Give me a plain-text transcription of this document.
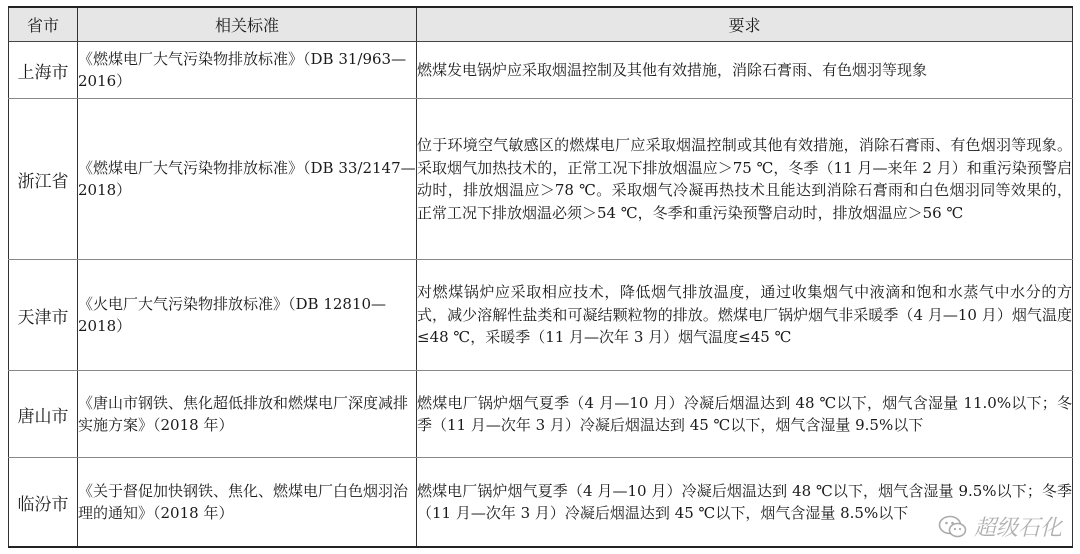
省市	相关标准	要求
上海市	《燃煤电厂大气污染物排放标准》（DB 31/963—2016）	燃煤发电锅炉应采取烟温控制及其他有效措施，消除石膏雨、有色烟羽等现象
浙江省	《燃煤电厂大气污染物排放标准》（DB 33/2147—2018）	位于环境空气敏感区的燃煤电厂应采取烟温控制或其他有效措施，消除石膏雨、有色烟羽等现象。采取烟气加热技术的，正常工况下排放烟温应＞75 ℃，冬季（11 月—来年 2 月）和重污染预警启动时，排放烟温应＞78 ℃。采取烟气冷凝再热技术且能达到消除石膏雨和白色烟羽同等效果的，正常工况下排放烟温必须＞54 ℃，冬季和重污染预警启动时，排放烟温应＞56 ℃
天津市	《火电厂大气污染物排放标准》（DB 12810—2018）	对燃煤锅炉应采取相应技术，降低烟气排放温度，通过收集烟气中液滴和饱和水蒸气中水分的方式，减少溶解性盐类和可凝结颗粒物的排放。燃煤电厂锅炉烟气非采暖季（4 月—10 月）烟气温度≤48 ℃，采暖季（11 月—次年 3 月）烟气温度≤45 ℃
唐山市	《唐山市钢铁、焦化超低排放和燃煤电厂深度减排实施方案》（2018 年）	燃煤电厂锅炉烟气夏季（4 月—10 月）冷凝后烟温达到 48 ℃以下，烟气含湿量 11.0%以下；冬季（11 月—次年 3 月）冷凝后烟温达到 45 ℃以下，烟气含湿量 9.5%以下
临汾市	《关于督促加快钢铁、焦化、燃煤电厂白色烟羽治理的通知》（2018 年）	燃煤电厂锅炉烟气夏季（4 月—10 月）冷凝后烟温达到 48 ℃以下，烟气含湿量 9.5%以下；冬季（11 月—次年 3 月）冷凝后烟温达到 45 ℃以下，烟气含湿量 8.5%以下
超级石化
